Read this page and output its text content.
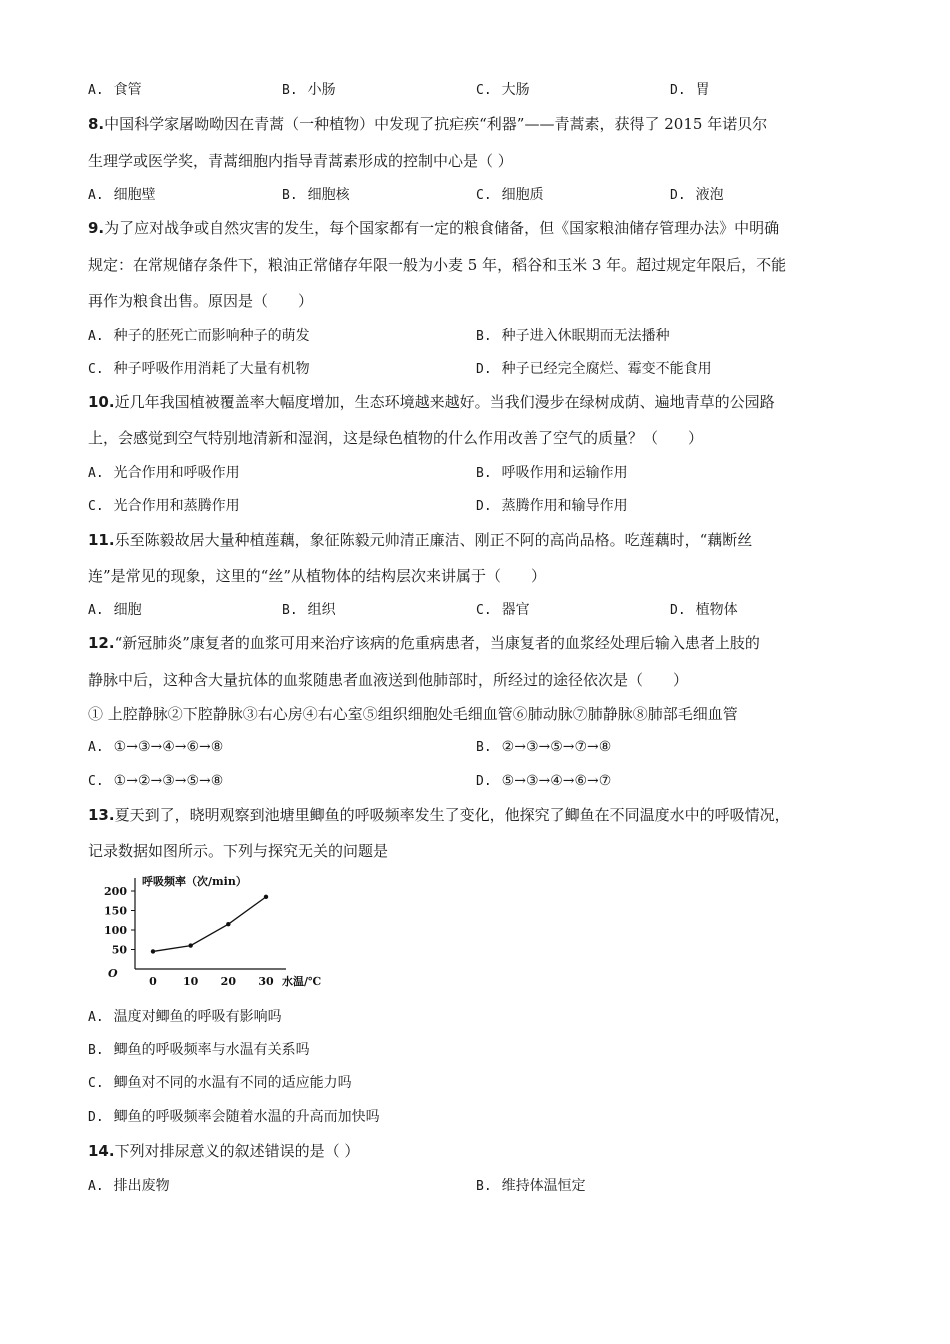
A. 食管	B. 小肠	C. 大肠	D. 胃
8.中国科学家屠呦呦因在青蒿（一种植物）中发现了抗疟疾“利器”——青蒿素，获得了 2015 年诺贝尔
生理学或医学奖，青蒿细胞内指导青蒿素形成的控制中心是（ ）
A. 细胞壁	B. 细胞核	C. 细胞质	D. 液泡
9.为了应对战争或自然灾害的发生，每个国家都有一定的粮食储备，但《国家粮油储存管理办法》中明确
规定：在常规储存条件下，粮油正常储存年限一般为小麦 5 年，稻谷和玉米 3 年。超过规定年限后，不能
再作为粮食出售。原因是（　　）
A. 种子的胚死亡而影响种子的萌发	B. 种子进入休眠期而无法播种
C. 种子呼吸作用消耗了大量有机物	D. 种子已经完全腐烂、霉变不能食用
10.近几年我国植被覆盖率大幅度增加，生态环境越来越好。当我们漫步在绿树成荫、遍地青草的公园路
上，会感觉到空气特别地清新和湿润，这是绿色植物的什么作用改善了空气的质量？（　　）
A. 光合作用和呼吸作用	B. 呼吸作用和运输作用
C. 光合作用和蒸腾作用	D. 蒸腾作用和输导作用
11.乐至陈毅故居大量种植莲藕，象征陈毅元帅清正廉洁、刚正不阿的高尚品格。吃莲藕时，“藕断丝
连”是常见的现象，这里的“丝”从植物体的结构层次来讲属于（　　）
A. 细胞	B. 组织	C. 器官	D. 植物体
12.“新冠肺炎”康复者的血浆可用来治疗该病的危重病患者，当康复者的血浆经处理后输入患者上肢的
静脉中后，这种含大量抗体的血浆随患者血液送到他肺部时，所经过的途径依次是（　　）
① 上腔静脉②下腔静脉③右心房④右心室⑤组织细胞处毛细血管⑥肺动脉⑦肺静脉⑧肺部毛细血管
A. ①→③→④→⑥→⑧	B. ②→③→⑤→⑦→⑧
C. ①→②→③→⑤→⑧	D. ⑤→③→④→⑥→⑦
13.夏天到了，晓明观察到池塘里鲫鱼的呼吸频率发生了变化，他探究了鲫鱼在不同温度水中的呼吸情况，
记录数据如图所示。下列与探究无关的问题是
呼吸频率（次/min）
水温/℃
O
50
100
150
200
0 10 20 30
A. 温度对鲫鱼的呼吸有影响吗
B. 鲫鱼的呼吸频率与水温有关系吗
C. 鲫鱼对不同的水温有不同的适应能力吗
D. 鲫鱼的呼吸频率会随着水温的升高而加快吗
14.下列对排尿意义的叙述错误的是（ ）
A. 排出废物	B. 维持体温恒定
